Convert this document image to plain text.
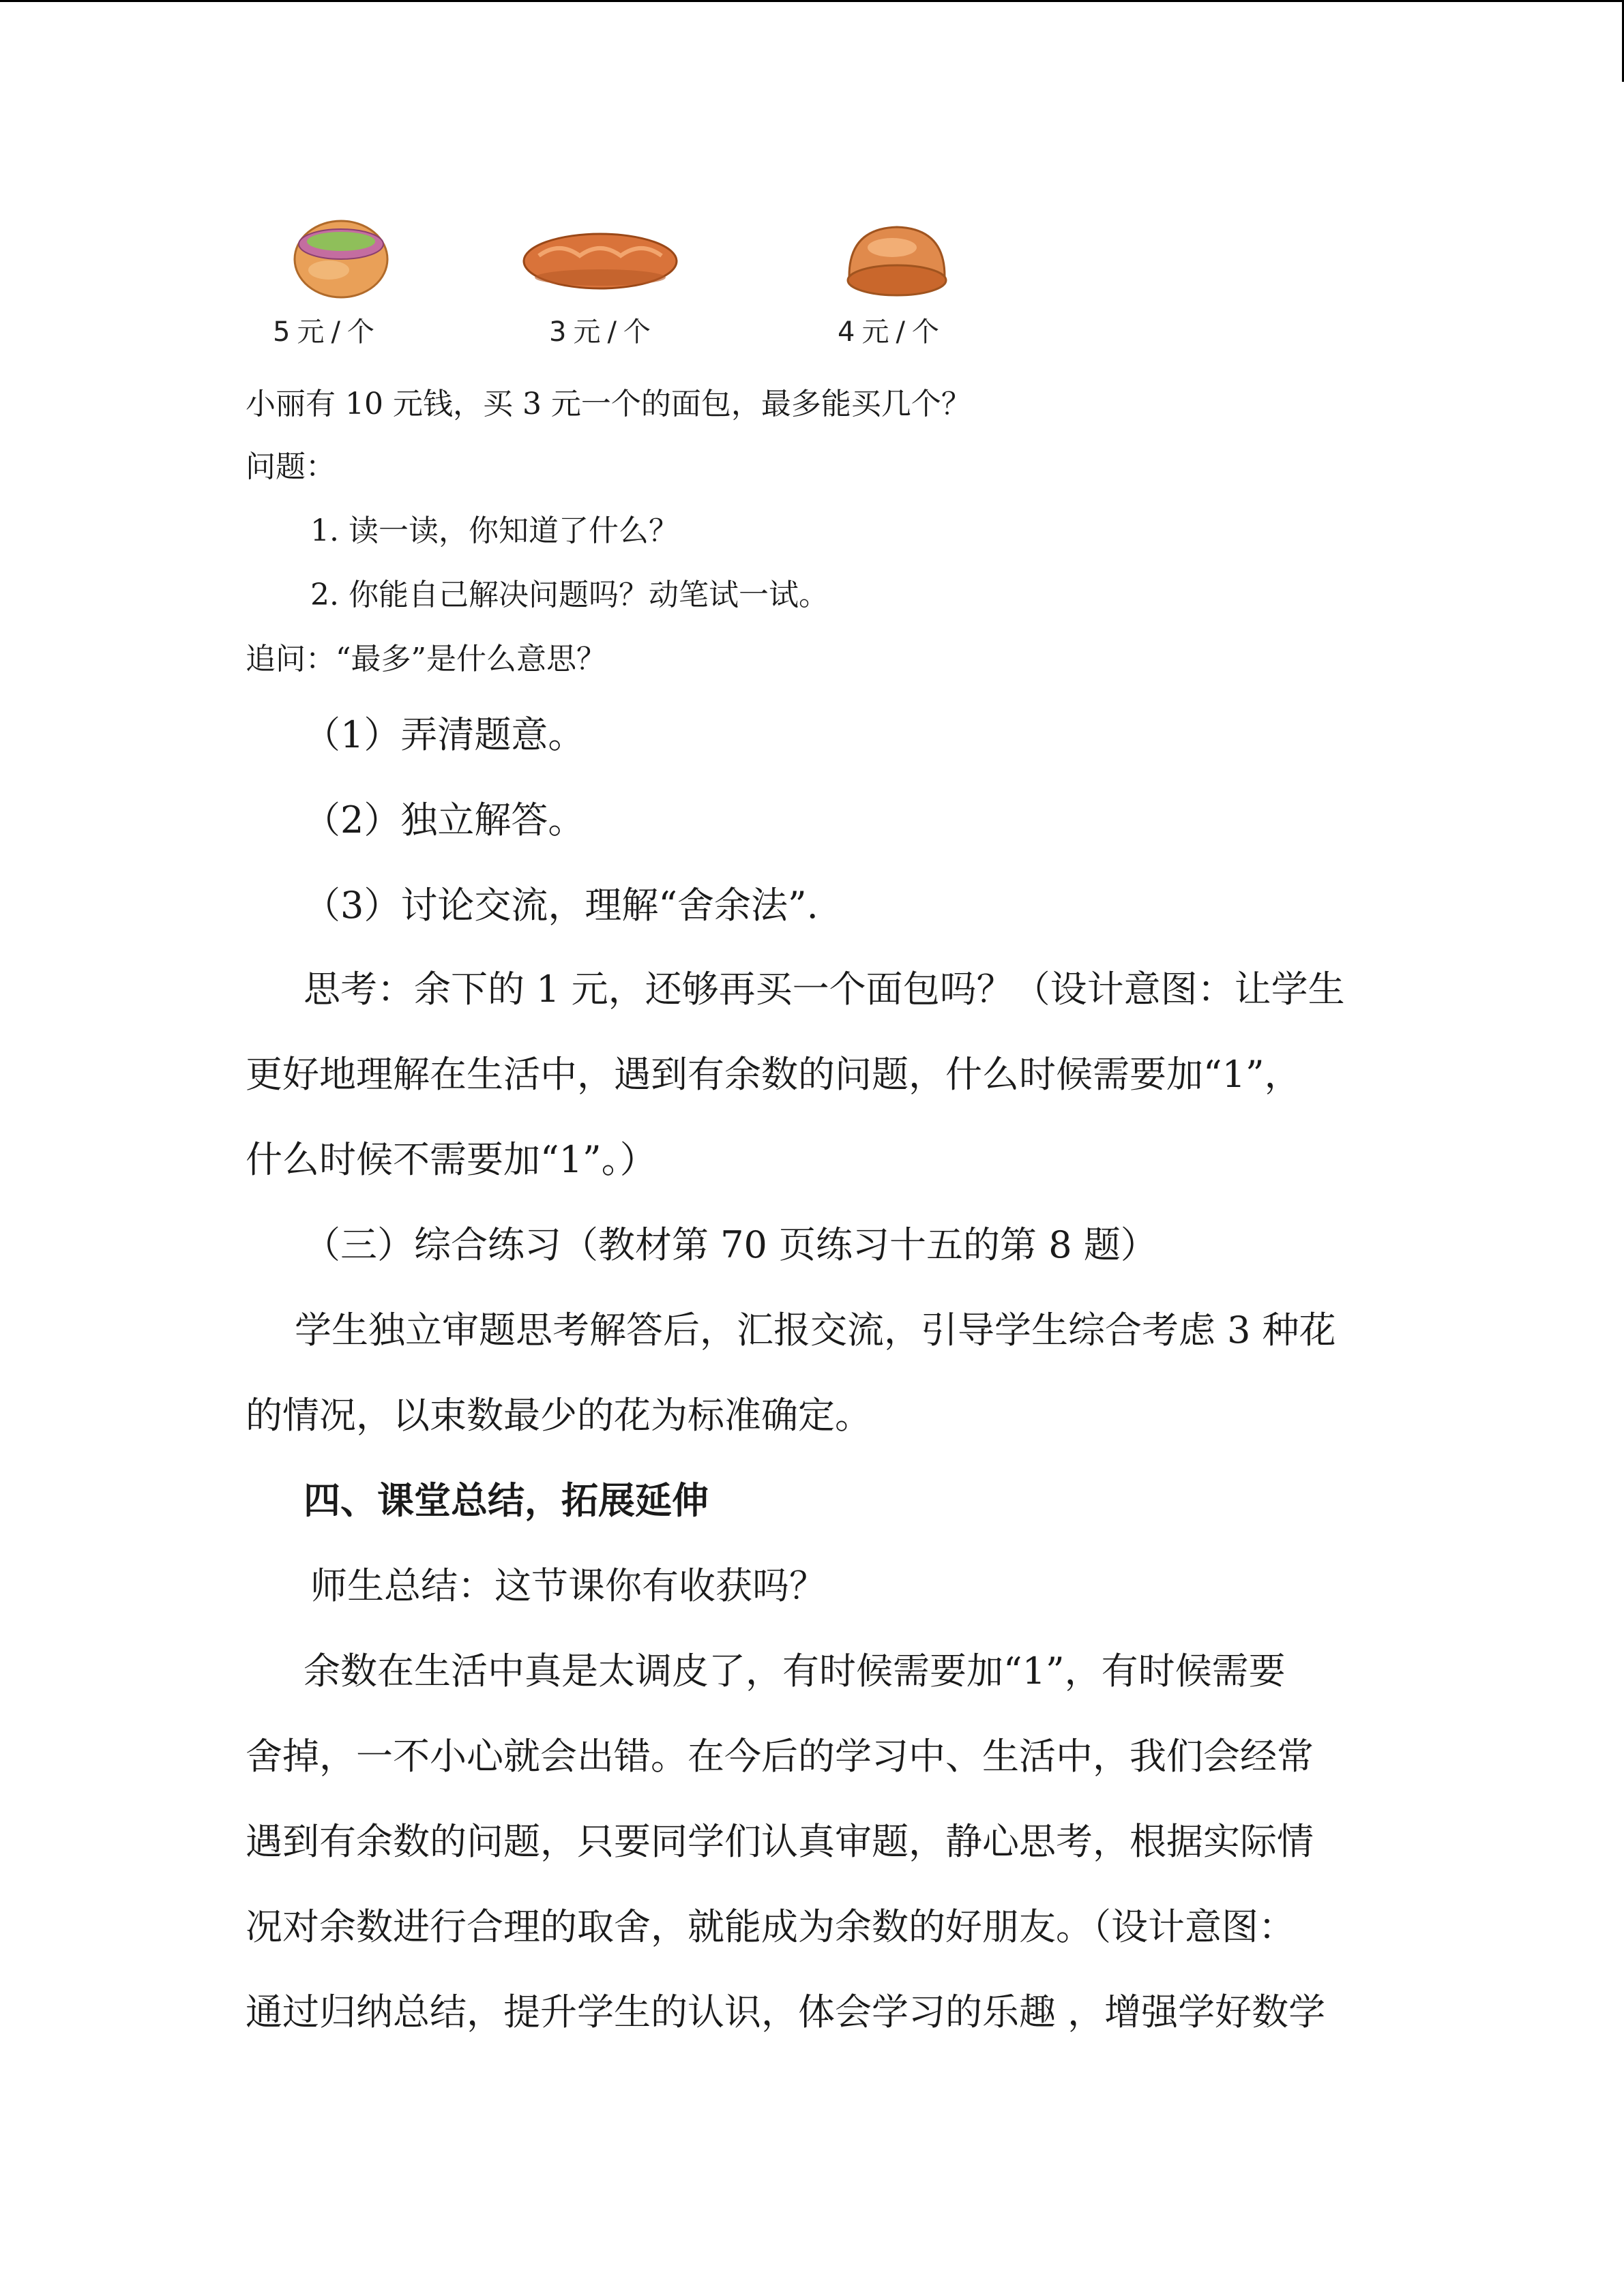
5元/个	3元/个	4元/个
小丽有 10 元钱，买 3 元一个的面包，最多能买几个？
问题：
1. 读一读，你知道了什么？
2. 你能自己解决问题吗？动笔试一试。
追问：“最多”是什么意思？
（1）弄清题意。
（2）独立解答。
（3）讨论交流，理解“舍余法”.
思考：余下的 1 元，还够再买一个面包吗？（设计意图：让学生
更好地理解在生活中，遇到有余数的问题，什么时候需要加“1”，
什么时候不需要加“1”。）
（三）综合练习（教材第 70 页练习十五的第 8 题）
学生独立审题思考解答后，汇报交流，引导学生综合考虑 3 种花
的情况，以束数最少的花为标准确定。
四、课堂总结，拓展延伸
师生总结：这节课你有收获吗？
余数在生活中真是太调皮了，有时候需要加“1”，有时候需要
舍掉，一不小心就会出错。在今后的学习中、生活中，我们会经常
遇到有余数的问题，只要同学们认真审题，静心思考，根据实际情
况对余数进行合理的取舍，就能成为余数的好朋友。（设计意图：
通过归纳总结，提升学生的认识，体会学习的乐趣 ，增强学好数学
